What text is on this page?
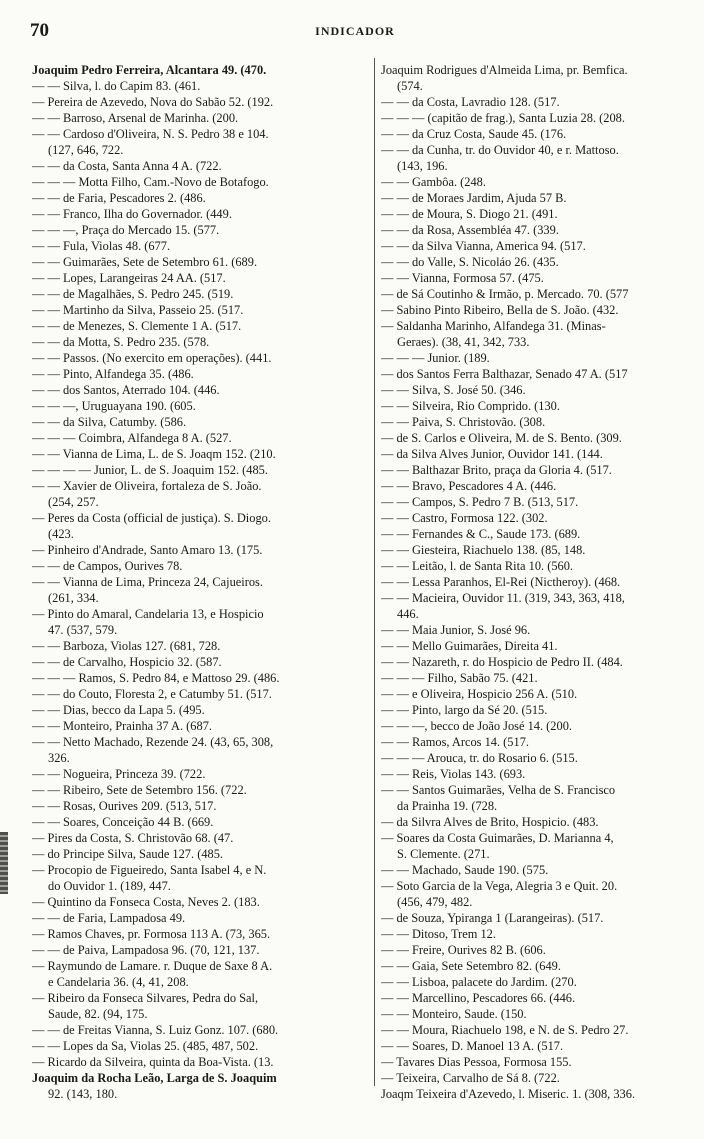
70	INDICADOR
Joaquim Pedro Ferreira, Alcantara 49. (470.
— — Silva, l. do Capim 83. (461.
— Pereira de Azevedo, Nova do Sabão 52. (192.
— — Barroso, Arsenal de Marinha. (200.
— — Cardoso d'Oliveira, N. S. Pedro 38 e 104.
(127, 646, 722.
— — da Costa, Santa Anna 4 A. (722.
— — — Motta Filho, Cam.-Novo de Botafogo.
— — de Faria, Pescadores 2. (486.
— — Franco, Ilha do Governador. (449.
— — —, Praça do Mercado 15. (577.
— — Fula, Violas 48. (677.
— — Guimarães, Sete de Setembro 61. (689.
— — Lopes, Larangeiras 24 AA. (517.
— — de Magalhães, S. Pedro 245. (519.
— — Martinho da Silva, Passeio 25. (517.
— — de Menezes, S. Clemente 1 A. (517.
— — da Motta, S. Pedro 235. (578.
— — Passos. (No exercito em operações). (441.
— — Pinto, Alfandega 35. (486.
— — dos Santos, Aterrado 104. (446.
— — —, Uruguayana 190. (605.
— — da Silva, Catumby. (586.
— — — Coimbra, Alfandega 8 A. (527.
— — Vianna de Lima, L. de S. Joaqm 152. (210.
— — — — Junior, L. de S. Joaquim 152. (485.
— — Xavier de Oliveira, fortaleza de S. João.
(254, 257.
— Peres da Costa (official de justiça). S. Diogo.
(423.
— Pinheiro d'Andrade, Santo Amaro 13. (175.
— — de Campos, Ourives 78.
— — Vianna de Lima, Princeza 24, Cajueiros.
(261, 334.
— Pinto do Amaral, Candelaria 13, e Hospicio
47. (537, 579.
— — Barboza, Violas 127. (681, 728.
— — de Carvalho, Hospicio 32. (587.
— — — Ramos, S. Pedro 84, e Mattoso 29. (486.
— — do Couto, Floresta 2, e Catumby 51. (517.
— — Dias, becco da Lapa 5. (495.
— — Monteiro, Prainha 37 A. (687.
— — Netto Machado, Rezende 24. (43, 65, 308,
326.
— — Nogueira, Princeza 39. (722.
— — Ribeiro, Sete de Setembro 156. (722.
— — Rosas, Ourives 209. (513, 517.
— — Soares, Conceição 44 B. (669.
— Pires da Costa, S. Christovão 68. (47.
— do Principe Silva, Saude 127. (485.
— Procopio de Figueiredo, Santa Isabel 4, e N.
do Ouvidor 1. (189, 447.
— Quintino da Fonseca Costa, Neves 2. (183.
— — de Faria, Lampadosa 49.
— Ramos Chaves, pr. Formosa 113 A. (73, 365.
— — de Paiva, Lampadosa 96. (70, 121, 137.
— Raymundo de Lamare. r. Duque de Saxe 8 A.
e Candelaria 36. (4, 41, 208.
— Ribeiro da Fonseca Silvares, Pedra do Sal,
Saude, 82. (94, 175.
— — de Freitas Vianna, S. Luiz Gonz. 107. (680.
— — Lopes da Sa, Violas 25. (485, 487, 502.
— Ricardo da Silveira, quinta da Boa-Vista. (13.
Joaquim da Rocha Leão, Larga de S. Joaquim
92. (143, 180.
Joaquim Rodrigues d'Almeida Lima, pr. Bemfica.
(574.
— — da Costa, Lavradio 128. (517.
— — — (capitão de frag.), Santa Luzia 28. (208.
— — da Cruz Costa, Saude 45. (176.
— — da Cunha, tr. do Ouvidor 40, e r. Mattoso.
(143, 196.
— — Gambôa. (248.
— — de Moraes Jardim, Ajuda 57 B.
— — de Moura, S. Diogo 21. (491.
— — da Rosa, Assembléa 47. (339.
— — da Silva Vianna, America 94. (517.
— — do Valle, S. Nicoláo 26. (435.
— — Vianna, Formosa 57. (475.
— de Sá Coutinho & Irmão, p. Mercado. 70. (577
— Sabino Pinto Ribeiro, Bella de S. João. (432.
— Saldanha Marinho, Alfandega 31. (Minas-
Geraes). (38, 41, 342, 733.
— — — Junior. (189.
— dos Santos Ferra Balthazar, Senado 47 A. (517
— — Silva, S. José 50. (346.
— — Silveira, Rio Comprido. (130.
— — Paiva, S. Christovão. (308.
— de S. Carlos e Oliveira, M. de S. Bento. (309.
— da Silva Alves Junior, Ouvidor 141. (144.
— — Balthazar Brito, praça da Gloria 4. (517.
— — Bravo, Pescadores 4 A. (446.
— — Campos, S. Pedro 7 B. (513, 517.
— — Castro, Formosa 122. (302.
— — Fernandes & C., Saude 173. (689.
— — Giesteira, Riachuelo 138. (85, 148.
— — Leitão, l. de Santa Rita 10. (560.
— — Lessa Paranhos, El-Rei (Nictheroy). (468.
— — Macieira, Ouvidor 11. (319, 343, 363, 418,
446.
— — Maia Junior, S. José 96.
— — Mello Guimarães, Direita 41.
— — Nazareth, r. do Hospicio de Pedro II. (484.
— — — Filho, Sabão 75. (421.
— — e Oliveira, Hospicio 256 A. (510.
— — Pinto, largo da Sé 20. (515.
— — —, becco de João José 14. (200.
— — Ramos, Arcos 14. (517.
— — — Arouca, tr. do Rosario 6. (515.
— — Reis, Violas 143. (693.
— — Santos Guimarães, Velha de S. Francisco
da Prainha 19. (728.
— da Silvra Alves de Brito, Hospicio. (483.
— Soares da Costa Guimarães, D. Marianna 4,
S. Clemente. (271.
— — Machado, Saude 190. (575.
— Soto Garcia de la Vega, Alegria 3 e Quit. 20.
(456, 479, 482.
— de Souza, Ypiranga 1 (Larangeiras). (517.
— — Ditoso, Trem 12.
— — Freire, Ourives 82 B. (606.
— — Gaia, Sete Setembro 82. (649.
— — Lisboa, palacete do Jardim. (270.
— — Marcellino, Pescadores 66. (446.
— — Monteiro, Saude. (150.
— — Moura, Riachuelo 198, e N. de S. Pedro 27.
— — Soares, D. Manoel 13 A. (517.
— Tavares Dias Pessoa, Formosa 155.
— Teixeira, Carvalho de Sá 8. (722.
Joaqm Teixeira d'Azevedo, l. Miseric. 1. (308, 336.
